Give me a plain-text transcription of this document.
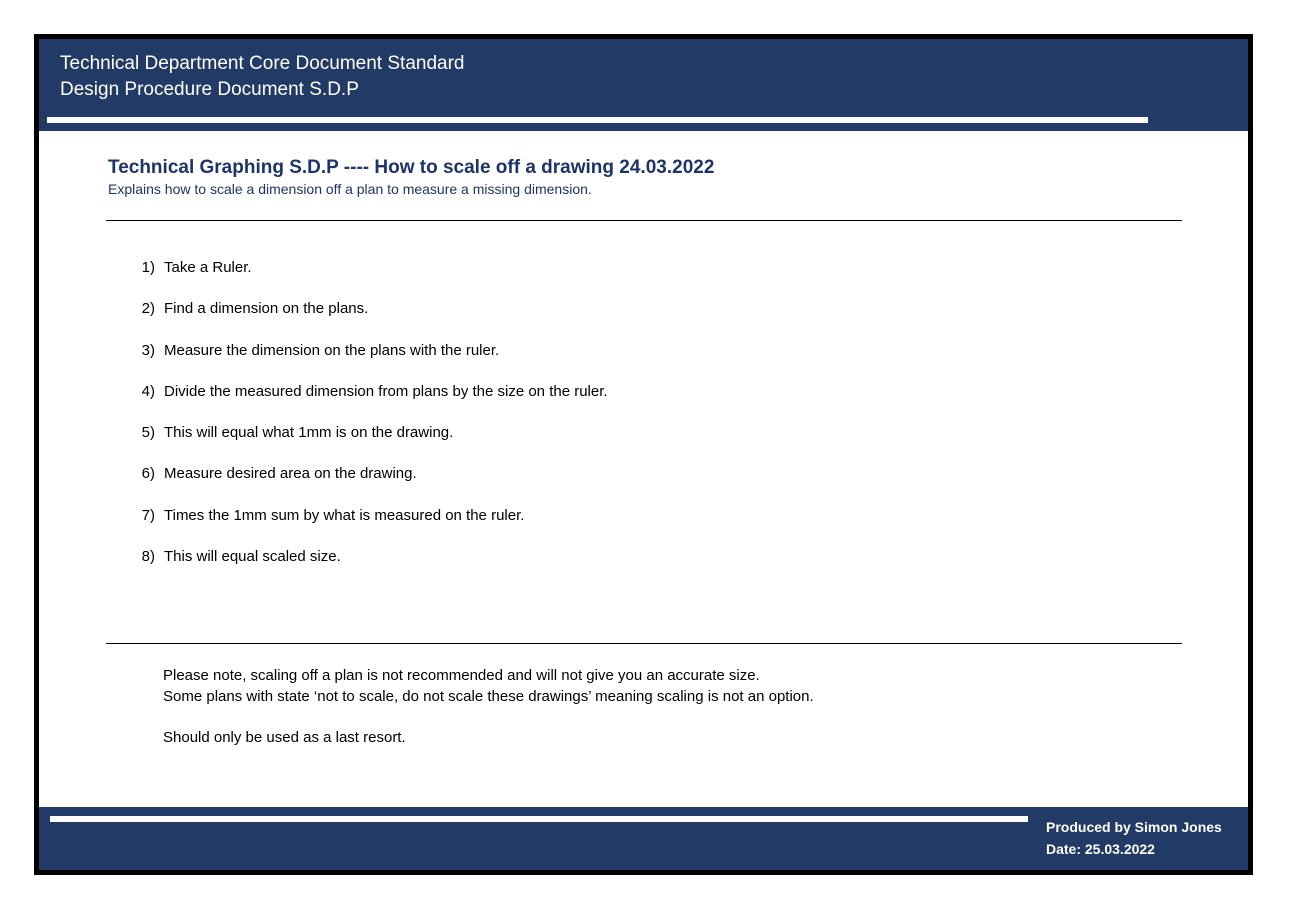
Technical Department Core Document Standard
Design Procedure Document S.D.P
Technical Graphing S.D.P ---- How to scale off a drawing 24.03.2022
Explains how to scale a dimension off a plan to measure a missing dimension.
1) Take a Ruler.
2) Find a dimension on the plans.
3) Measure the dimension on the plans with the ruler.
4) Divide the measured dimension from plans by the size on the ruler.
5) This will equal what 1mm is on the drawing.
6) Measure desired area on the drawing.
7) Times the 1mm sum by what is measured on the ruler.
8) This will equal scaled size.
Please note, scaling off a plan is not recommended and will not give you an accurate size.
Some plans with state ‘not to scale, do not scale these drawings’ meaning scaling is not an option.
Should only be used as a last resort.
Produced by Simon Jones
Date: 25.03.2022
